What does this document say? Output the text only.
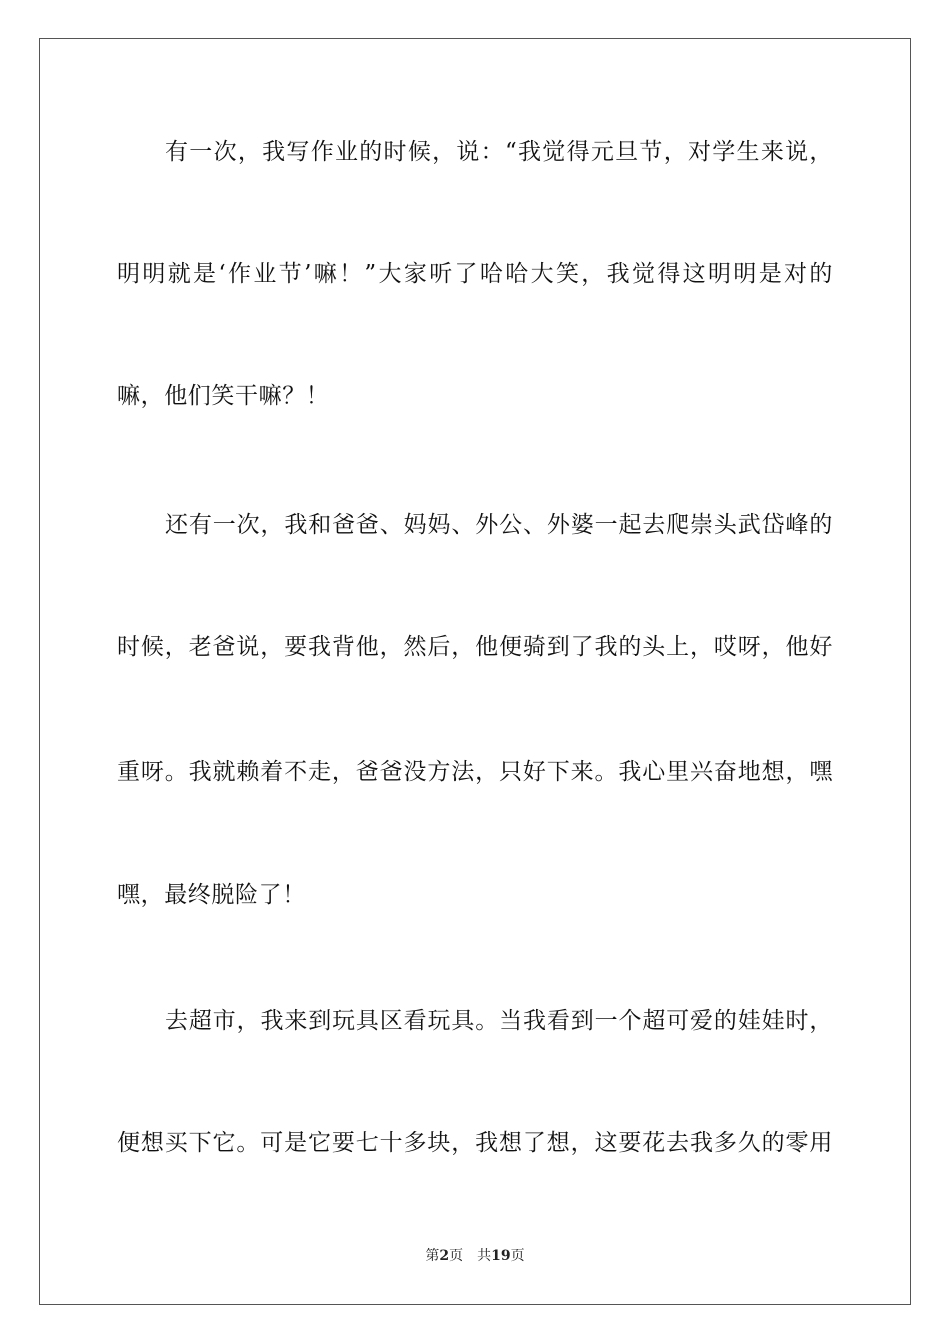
有一次，我写作业的时候，说：“我觉得元旦节，对学生来说，
明明就是‘作业节’嘛！”大家听了哈哈大笑，我觉得这明明是对的
嘛，他们笑干嘛？！
还有一次，我和爸爸、妈妈、外公、外婆一起去爬崇头武岱峰的
时候，老爸说，要我背他，然后，他便骑到了我的头上，哎呀，他好
重呀。我就赖着不走，爸爸没方法，只好下来。我心里兴奋地想，嘿
嘿，最终脱险了！
去超市，我来到玩具区看玩具。当我看到一个超可爱的娃娃时，
便想买下它。可是它要七十多块，我想了想，这要花去我多久的零用
第2页 共19页
